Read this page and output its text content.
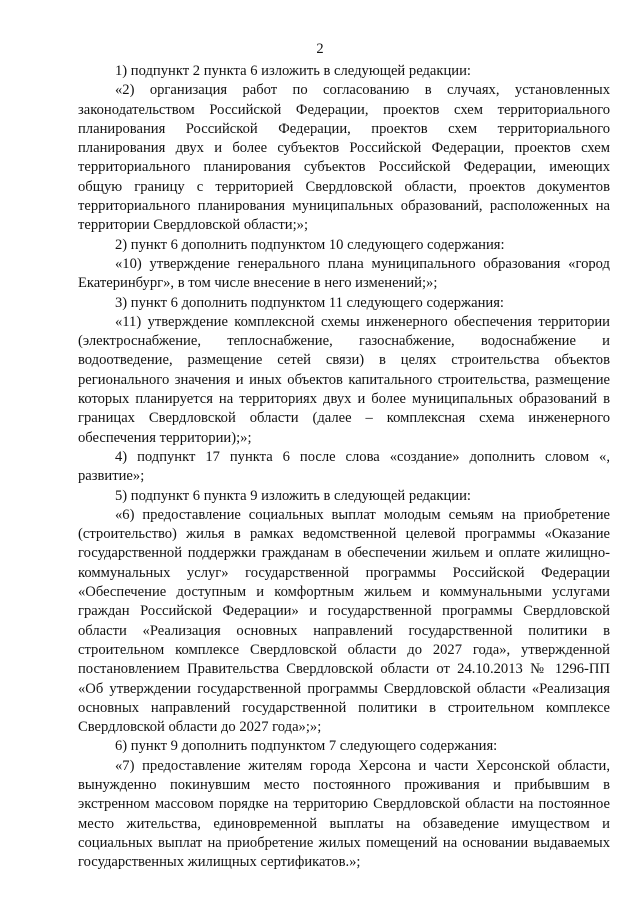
2

1) подпункт 2 пункта 6 изложить в следующей редакции:

«2) организация работ по согласованию в случаях, установленных законодательством Российской Федерации, проектов схем территориального планирования Российской Федерации, проектов схем территориального планирования двух и более субъектов Российской Федерации, проектов схем территориального планирования субъектов Российской Федерации, имеющих общую границу с территорией Свердловской области, проектов документов территориального планирования муниципальных образований, расположенных на территории Свердловской области;»;

2) пункт 6 дополнить подпунктом 10 следующего содержания:

«10) утверждение генерального плана муниципального образования «город Екатеринбург», в том числе внесение в него изменений;»;

3) пункт 6 дополнить подпунктом 11 следующего содержания:

«11) утверждение комплексной схемы инженерного обеспечения территории (электроснабжение, теплоснабжение, газоснабжение, водоснабжение и водоотведение, размещение сетей связи) в целях строительства объектов регионального значения и иных объектов капитального строительства, размещение которых планируется на территориях двух и более муниципальных образований в границах Свердловской области (далее – комплексная схема инженерного обеспечения территории);»;

4) подпункт 17 пункта 6 после слова «создание» дополнить словом «, развитие»;

5) подпункт 6 пункта 9 изложить в следующей редакции:

«6) предоставление социальных выплат молодым семьям на приобретение (строительство) жилья в рамках ведомственной целевой программы «Оказание государственной поддержки гражданам в обеспечении жильем и оплате жилищно-коммунальных услуг» государственной программы Российской Федерации «Обеспечение доступным и комфортным жильем и коммунальными услугами граждан Российской Федерации» и государственной программы Свердловской области «Реализация основных направлений государственной политики в строительном комплексе Свердловской области до 2027 года», утвержденной постановлением Правительства Свердловской области от 24.10.2013 № 1296-ПП «Об утверждении государственной программы Свердловской области «Реализация основных направлений государственной политики в строительном комплексе Свердловской области до 2027 года»;»;

6) пункт 9 дополнить подпунктом 7 следующего содержания:

«7) предоставление жителям города Херсона и части Херсонской области, вынужденно покинувшим место постоянного проживания и прибывшим в экстренном массовом порядке на территорию Свердловской области на постоянное место жительства, единовременной выплаты на обзаведение имуществом и социальных выплат на приобретение жилых помещений на основании выдаваемых государственных жилищных сертификатов.»;
